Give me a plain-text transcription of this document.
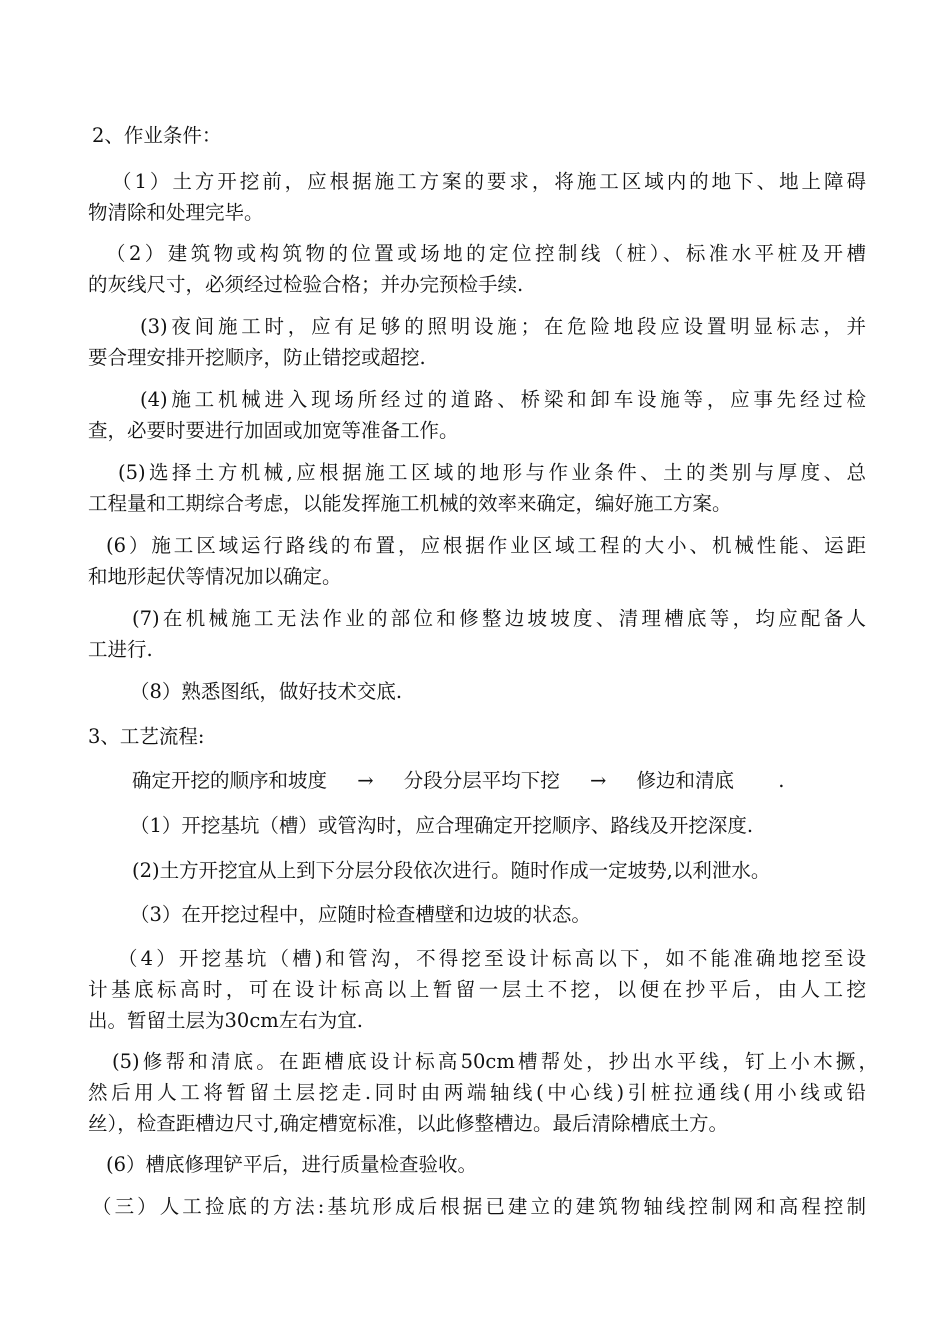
2、作业条件：
（1）土方开挖前，应根据施工方案的要求，将施工区域内的地下、地上障碍
物清除和处理完毕。
（2）建筑物或构筑物的位置或场地的定位控制线（桩）、标准水平桩及开槽
的灰线尺寸，必须经过检验合格；并办完预检手续.
(3)夜间施工时，应有足够的照明设施；在危险地段应设置明显标志，并
要合理安排开挖顺序，防止错挖或超挖.
(4)施工机械进入现场所经过的道路、桥梁和卸车设施等，应事先经过检
查，必要时要进行加固或加宽等准备工作。
(5)选择土方机械,应根据施工区域的地形与作业条件、土的类别与厚度、总
工程量和工期综合考虑，以能发挥施工机械的效率来确定，编好施工方案。
(6）施工区域运行路线的布置，应根据作业区域工程的大小、机械性能、运距
和地形起伏等情况加以确定。
(7)在机械施工无法作业的部位和修整边坡坡度、清理槽底等，均应配备人
工进行.
（8）熟悉图纸，做好技术交底.
3、工艺流程:
确定开挖的顺序和坡度 → 分段分层平均下挖 → 修边和清底 .
（1）开挖基坑（槽）或管沟时，应合理确定开挖顺序、路线及开挖深度.
(2)土方开挖宜从上到下分层分段依次进行。随时作成一定坡势,以利泄水。
（3）在开挖过程中，应随时检查槽壁和边坡的状态。
（4）开挖基坑（槽)和管沟，不得挖至设计标高以下，如不能准确地挖至设
计基底标高时，可在设计标高以上暂留一层土不挖，以便在抄平后，由人工挖
出。暂留土层为30cm左右为宜.
(5)修帮和清底。在距槽底设计标高50cm槽帮处，抄出水平线，钉上小木撅，
然后用人工将暂留土层挖走.同时由两端轴线(中心线)引桩拉通线(用小线或铅
丝），检查距槽边尺寸,确定槽宽标准，以此修整槽边。最后清除槽底土方。
(6）槽底修理铲平后，进行质量检查验收。
（三）人工捡底的方法:基坑形成后根据已建立的建筑物轴线控制网和高程控制
